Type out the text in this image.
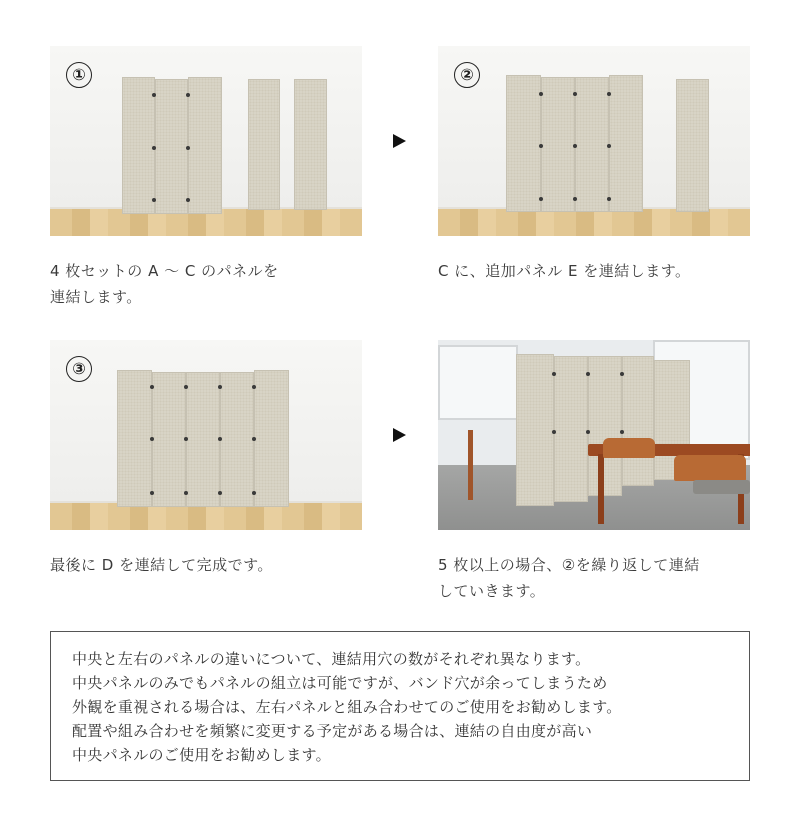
①
4 枚セットの A 〜 C のパネルを
連結します。
②
C に、追加パネル E を連結します。
③
最後に D を連結して完成です。	5 枚以上の場合、②を繰り返して連結
していきます。
中央と左右のパネルの違いについて、連結用穴の数がそれぞれ異なります。
中央パネルのみでもパネルの組立は可能ですが、バンド穴が余ってしまうため
外観を重視される場合は、左右パネルと組み合わせてのご使用をお勧めします。
配置や組み合わせを頻繁に変更する予定がある場合は、連結の自由度が高い
中央パネルのご使用をお勧めします。
